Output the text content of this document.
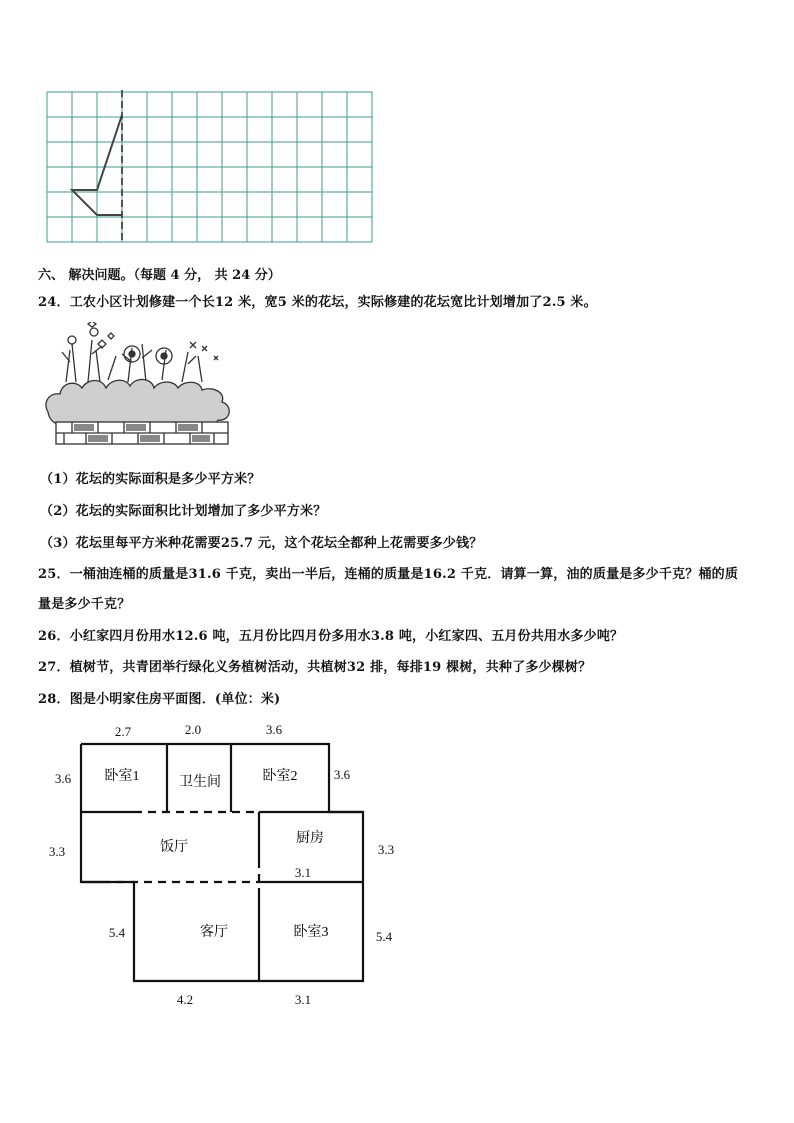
六、 解决问题。（每题 4 分， 共 24 分）
24．工农小区计划修建一个长12 米，宽5 米的花坛，实际修建的花坛宽比计划增加了2.5 米。
（1）花坛的实际面积是多少平方米？
（2）花坛的实际面积比计划增加了多少平方米？
（3）花坛里每平方米种花需要25.7 元，这个花坛全都种上花需要多少钱？
25．一桶油连桶的质量是31.6 千克，卖出一半后，连桶的质量是16.2 千克．请算一算，油的质量是多少千克？桶的质
量是多少千克？
26．小红家四月份用水12.6 吨，五月份比四月份多用水3.8 吨，小红家四、五月份共用水多少吨？
27．植树节，共青团举行绿化义务植树活动，共植树32 排，每排19 棵树，共种了多少棵树？
28．图是小明家住房平面图．(单位：米)
卧室1	卫生间	卧室2
饭厅
厨房
客厅	卧室3
2.7	2.0	3.6
3.6	3.6
3.3	3.3
3.1
5.4	5.4
4.2	3.1
